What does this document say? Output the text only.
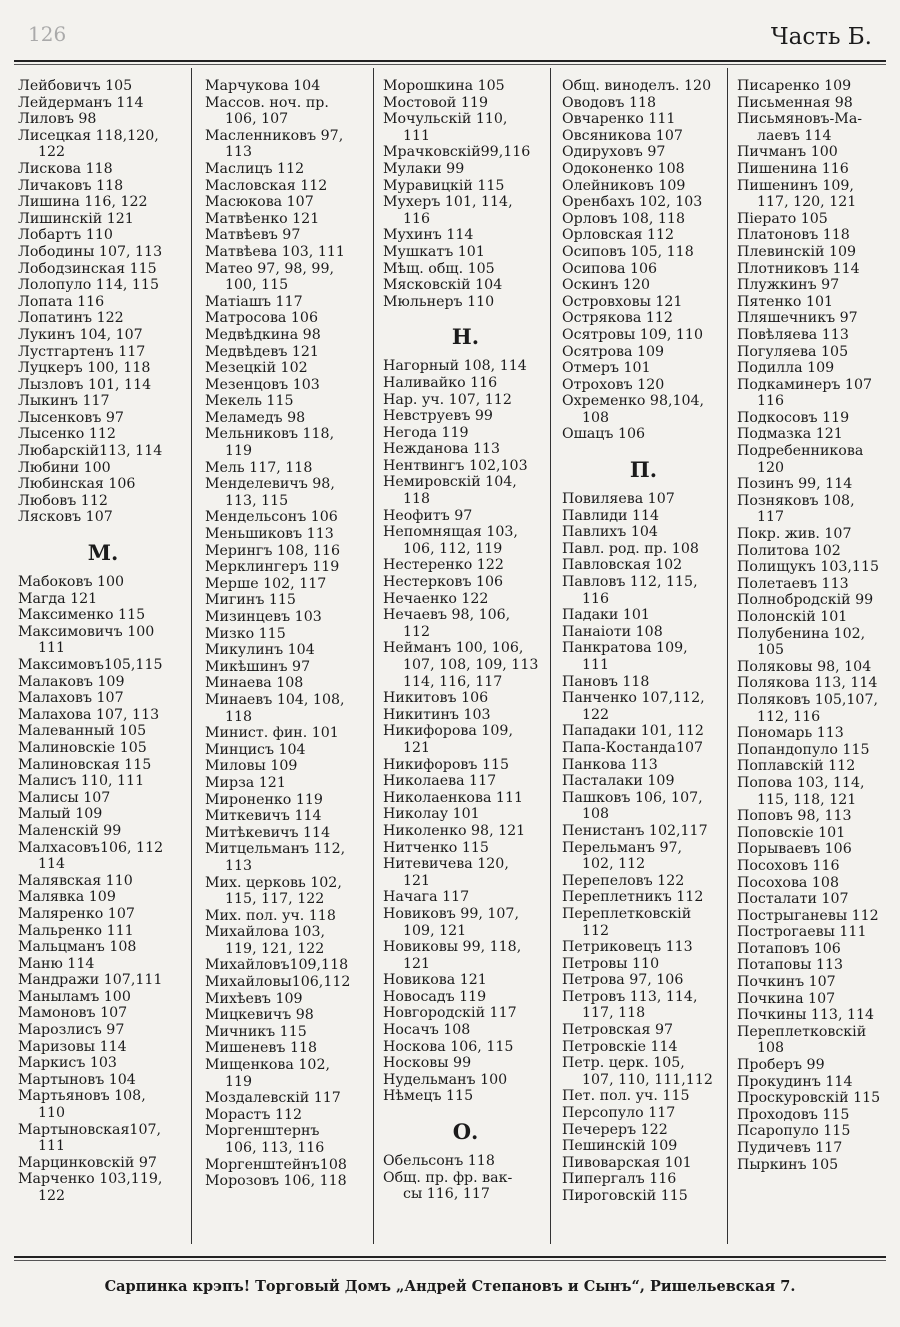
126	Часть Б.
Лейбовичъ 105
Лейдерманъ 114
Лиловъ 98
Лисецкая 118,120,
122
Лискова 118
Личаковъ 118
Лишина 116, 122
Лишинскій 121
Лобартъ 110
Лободины 107, 113
Лободзинская 115
Лолопуло 114, 115
Лопата 116
Лопатинъ 122
Лукинъ 104, 107
Лустгартенъ 117
Луцкеръ 100, 118
Лызловъ 101, 114
Лыкинъ 117
Лысенковъ 97
Лысенко 112
Любарскій113, 114
Любини 100
Любинская 106
Любовъ 112
Лясковъ 107
М.
Мабоковъ 100
Магда 121
Максименко 115
Максимовичъ 100
111
Максимовъ105,115
Малаковъ 109
Малаховъ 107
Малахова 107, 113
Малеванный 105
Малиновскіе 105
Малиновская 115
Малисъ 110, 111
Малисы 107
Малый 109
Маленскій 99
Малхасовъ106, 112
114
Малявская 110
Малявка 109
Маляренко 107
Мальренко 111
Мальцманъ 108
Маню 114
Мандражи 107,111
Маныламъ 100
Мамоновъ 107
Марозлисъ 97
Маризовы 114
Маркисъ 103
Мартыновъ 104
Мартьяновъ 108,
110
Мартыновская107,
111
Марцинковскій 97
Марченко 103,119,
122
Марчукова 104
Массов. ноч. пр.
106, 107
Масленниковъ 97,
113
Маслицъ 112
Масловская 112
Масюкова 107
Матвѣенко 121
Матвѣевъ 97
Матвѣева 103, 111
Матео 97, 98, 99,
100, 115
Матіашъ 117
Матросова 106
Медвѣдкина 98
Медвѣдевъ 121
Мезецкій 102
Мезенцовъ 103
Мекель 115
Меламедъ 98
Мельниковъ 118,
119
Мель 117, 118
Менделевичъ 98,
113, 115
Мендельсонъ 106
Меньшиковъ 113
Мерингъ 108, 116
Мерклингеръ 119
Мерше 102, 117
Мигинъ 115
Мизинцевъ 103
Мизко 115
Микулинъ 104
Микѣшинъ 97
Минаева 108
Минаевъ 104, 108,
118
Минист. фин. 101
Минцисъ 104
Миловы 109
Мирза 121
Мироненко 119
Миткевичъ 114
Митѣкевичъ 114
Митцельманъ 112,
113
Мих. церковь 102,
115, 117, 122
Мих. пол. уч. 118
Михайлова 103,
119, 121, 122
Михайловъ109,118
Михайловы106,112
Михѣевъ 109
Мицкевичъ 98
Мичникъ 115
Мишеневъ 118
Мищенкова 102,
119
Моздалевскій 117
Морастъ 112
Моргенштернъ
106, 113, 116
Моргенштейнъ108
Морозовъ 106, 118
Морошкина 105
Мостовой 119
Мочульскій 110,
111
Мрачковскій99,116
Мулаки 99
Муравицкій 115
Мухеръ 101, 114,
116
Мухинъ 114
Мушкатъ 101
Мѣщ. общ. 105
Мясковскій 104
Мюльнеръ 110
Н.
Нагорный 108, 114
Наливайко 116
Нар. уч. 107, 112
Невструевъ 99
Негода 119
Нежданова 113
Нентвингъ 102,103
Немировскій 104,
118
Неофитъ 97
Непомнящая 103,
106, 112, 119
Нестеренко 122
Нестерковъ 106
Нечаенко 122
Нечаевъ 98, 106,
112
Нейманъ 100, 106,
107, 108, 109, 113
114, 116, 117
Никитовъ 106
Никитинъ 103
Никифорова 109,
121
Никифоровъ 115
Николаева 117
Николаенкова 111
Николау 101
Николенко 98, 121
Нитченко 115
Нитевичева 120,
121
Начага 117
Новиковъ 99, 107,
109, 121
Новиковы 99, 118,
121
Новикова 121
Новосадъ 119
Новгородскій 117
Носачъ 108
Носкова 106, 115
Носковы 99
Нудельманъ 100
Нѣмецъ 115
О.
Обельсонъ 118
Общ. пр. фр. вак-
сы 116, 117
Общ. виноделъ. 120
Оводовъ 118
Овчаренко 111
Овсяникова 107
Одируховъ 97
Одоконенко 108
Олейниковъ 109
Оренбахъ 102, 103
Орловъ 108, 118
Орловская 112
Осиповъ 105, 118
Осипова 106
Оскинъ 120
Островховы 121
Острякова 112
Осятровы 109, 110
Осятрова 109
Отмеръ 101
Отроховъ 120
Охременко 98,104,
108
Ошацъ 106
П.
Повиляева 107
Павлиди 114
Павлихъ 104
Павл. род. пр. 108
Павловская 102
Павловъ 112, 115,
116
Падаки 101
Панаіоти 108
Панкратова 109,
111
Пановъ 118
Панченко 107,112,
122
Пападаки 101, 112
Папа-Костанда107
Панкова 113
Пасталаки 109
Пашковъ 106, 107,
108
Пенистанъ 102,117
Перельманъ 97,
102, 112
Перепеловъ 122
Переплетникъ 112
Переплетковскій
112
Петриковецъ 113
Петровы 110
Петрова 97, 106
Петровъ 113, 114,
117, 118
Петровская 97
Петровскіе 114
Петр. церк. 105,
107, 110, 111,112
Пет. пол. уч. 115
Персопуло 117
Печереръ 122
Пешинскій 109
Пивоварская 101
Пипергалъ 116
Пироговскій 115
Писаренко 109
Письменная 98
Письмяновъ-Ма-
лаевъ 114
Пичманъ 100
Пишенина 116
Пишенинъ 109,
117, 120, 121
Піерато 105
Платоновъ 118
Плевинскій 109
Плотниковъ 114
Плужкинъ 97
Пятенко 101
Пляшечникъ 97
Повѣляева 113
Погуляева 105
Подилла 109
Подкаминеръ 107
116
Подкосовъ 119
Подмазка 121
Подребенникова
120
Позинъ 99, 114
Позняковъ 108,
117
Покр. жив. 107
Политова 102
Полищукъ 103,115
Полетаевъ 113
Полнобродскій 99
Полонскій 101
Полубенина 102,
105
Поляковы 98, 104
Полякова 113, 114
Поляковъ 105,107,
112, 116
Пономарь 113
Попандопуло 115
Поплавскій 112
Попова 103, 114,
115, 118, 121
Поповъ 98, 113
Поповскіе 101
Порываевъ 106
Посоховъ 116
Посохова 108
Посталати 107
Пострыганевы 112
Построгаевы 111
Потаповъ 106
Потаповы 113
Почкинъ 107
Почкина 107
Почкины 113, 114
Переплетковскій
108
Проберъ 99
Прокудинъ 114
Проскуровскій 115
Проходовъ 115
Псаропуло 115
Пудичевъ 117
Пыркинъ 105
Сарпинка крэпъ! Торговый Домъ „Андрей Степановъ и Сынъ“, Ришельевская 7.
